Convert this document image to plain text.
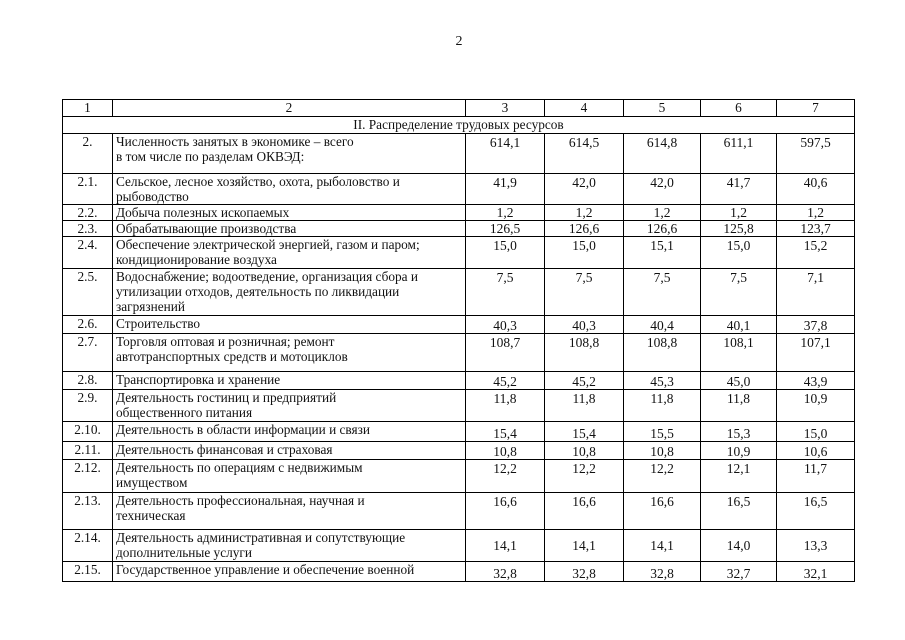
2
1	2	3	4	5	6	7
II. Распределение трудовых ресурсов						
2.	Численность занятых в экономике – всего
в том числе по разделам ОКВЭД:	614,1	614,5	614,8	611,1	597,5
2.1.	Сельское, лесное хозяйство, охота, рыболовство и
рыбоводство	41,9	42,0	42,0	41,7	40,6
2.2.	Добыча полезных ископаемых	1,2	1,2	1,2	1,2	1,2
2.3.	Обрабатывающие производства	126,5	126,6	126,6	125,8	123,7
2.4.	Обеспечение электрической энергией, газом и паром;
кондиционирование воздуха	15,0	15,0	15,1	15,0	15,2
2.5.	Водоснабжение; водоотведение, организация сбора и
утилизации отходов, деятельность по ликвидации
загрязнений	7,5	7,5	7,5	7,5	7,1
2.6.	Строительство	40,3	40,3	40,4	40,1	37,8
2.7.	Торговля оптовая и розничная; ремонт
автотранспортных средств и мотоциклов	108,7	108,8	108,8	108,1	107,1
2.8.	Транспортировка и хранение	45,2	45,2	45,3	45,0	43,9
2.9.	Деятельность гостиниц и предприятий
общественного питания	11,8	11,8	11,8	11,8	10,9
2.10.	Деятельность в области информации и связи	15,4	15,4	15,5	15,3	15,0
2.11.	Деятельность финансовая и страховая	10,8	10,8	10,8	10,9	10,6
2.12.	Деятельность по операциям с недвижимым
имуществом	12,2	12,2	12,2	12,1	11,7
2.13.	Деятельность профессиональная, научная и
техническая	16,6	16,6	16,6	16,5	16,5
2.14.	Деятельность административная и сопутствующие
дополнительные услуги	14,1	14,1	14,1	14,0	13,3
2.15.	Государственное управление и обеспечение военной	32,8	32,8	32,8	32,7	32,1
